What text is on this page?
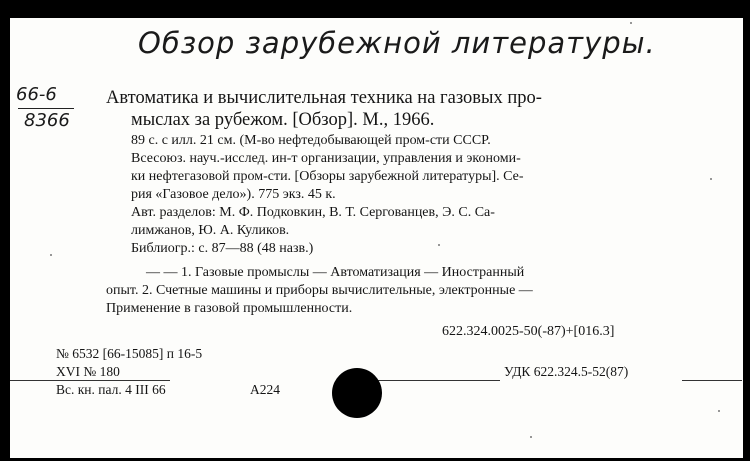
Обзор зарубежной литературы.
66-6
8366
Автоматика и вычислительная техника на газовых про-
мыслах за рубежом. [Обзор]. М., 1966.
89 с. с илл. 21 см. (М-во нефтедобывающей пром-сти СССР.
Всесоюз. науч.-исслед. ин-т организации, управления и экономи-
ки нефтегазовой пром-сти. [Обзоры зарубежной литературы]. Се-
рия «Газовое дело»). 775 экз. 45 к.
Авт. разделов: М. Ф. Подковкин, В. Т. Сергованцев, Э. С. Са-
лимжанов, Ю. А. Куликов.
Библиогр.: с. 87—88 (48 назв.)
— — 1. Газовые промыслы — Автоматизация — Иностранный
опыт. 2. Счетные машины и приборы вычислительные, электронные —
Применение в газовой промышленности.
622.324.0025-50(-87)+[016.3]
№ 6532 [66-15085] п 16-5
XVI № 180	УДК 622.324.5-52(87)
Вс. кн. пал. 4 III 66	А224
